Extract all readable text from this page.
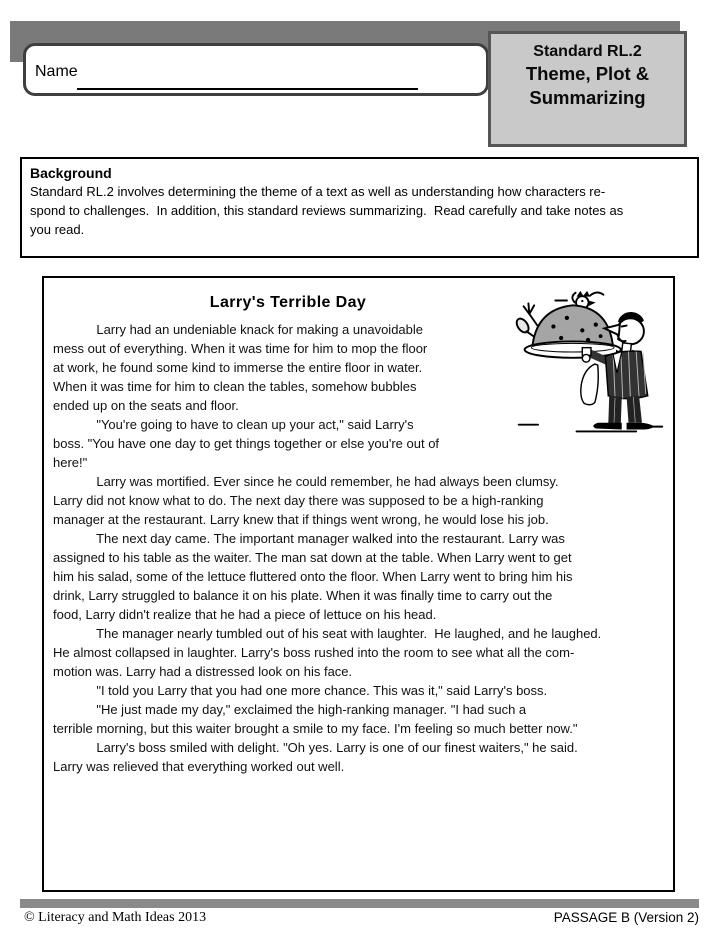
Name
Standard RL.2
Theme, Plot &
Summarizing
Background
Standard RL.2 involves determining the theme of a text as well as understanding how characters re-
spond to challenges.  In addition, this standard reviews summarizing.  Read carefully and take notes as
you read.
Larry's Terrible Day
Larry had an undeniable knack for making a unavoidable
mess out of everything. When it was time for him to mop the floor
at work, he found some kind to immerse the entire floor in water.
When it was time for him to clean the tables, somehow bubbles
ended up on the seats and floor.
"You're going to have to clean up your act," said Larry's
boss. "You have one day to get things together or else you're out of
here!"
Larry was mortified. Ever since he could remember, he had always been clumsy.
Larry did not know what to do. The next day there was supposed to be a high-ranking
manager at the restaurant. Larry knew that if things went wrong, he would lose his job.
The next day came. The important manager walked into the restaurant. Larry was
assigned to his table as the waiter. The man sat down at the table. When Larry went to get
him his salad, some of the lettuce fluttered onto the floor. When Larry went to bring him his
drink, Larry struggled to balance it on his plate. When it was finally time to carry out the
food, Larry didn't realize that he had a piece of lettuce on his head.
The manager nearly tumbled out of his seat with laughter.  He laughed, and he laughed.
He almost collapsed in laughter. Larry's boss rushed into the room to see what all the com-
motion was. Larry had a distressed look on his face.
"I told you Larry that you had one more chance. This was it," said Larry's boss.
"He just made my day," exclaimed the high-ranking manager. "I had such a
terrible morning, but this waiter brought a smile to my face. I'm feeling so much better now."
Larry's boss smiled with delight. "Oh yes. Larry is one of our finest waiters," he said.
Larry was relieved that everything worked out well.
© Literacy and Math Ideas 2013	PASSAGE B (Version 2)
